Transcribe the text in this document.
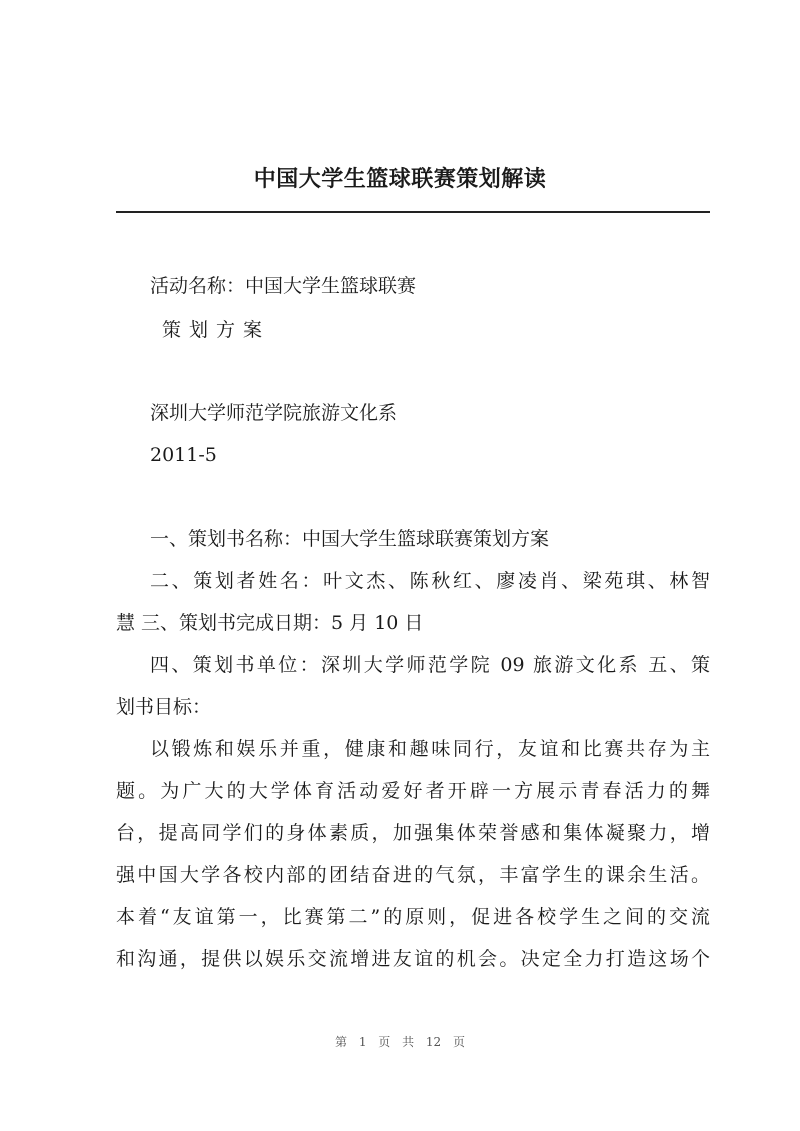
中国大学生篮球联赛策划解读
活动名称：中国大学生篮球联赛
策划方案
深圳大学师范学院旅游文化系
2011-5
一、策划书名称：中国大学生篮球联赛策划方案
二、策划者姓名：叶文杰、陈秋红、廖凌肖、梁苑琪、林智
慧 三、策划书完成日期：5 月 10 日
四、策划书单位：深圳大学师范学院 09 旅游文化系 五、策
划书目标：
以锻炼和娱乐并重，健康和趣味同行，友谊和比赛共存为主
题。为广大的大学体育活动爱好者开辟一方展示青春活力的舞
台，提高同学们的身体素质，加强集体荣誉感和集体凝聚力，增
强中国大学各校内部的团结奋进的气氛，丰富学生的课余生活。
本着“友谊第一，比赛第二”的原则，促进各校学生之间的交流
和沟通，提供以娱乐交流增进友谊的机会。决定全力打造这场个
第 1 页 共 12 页
